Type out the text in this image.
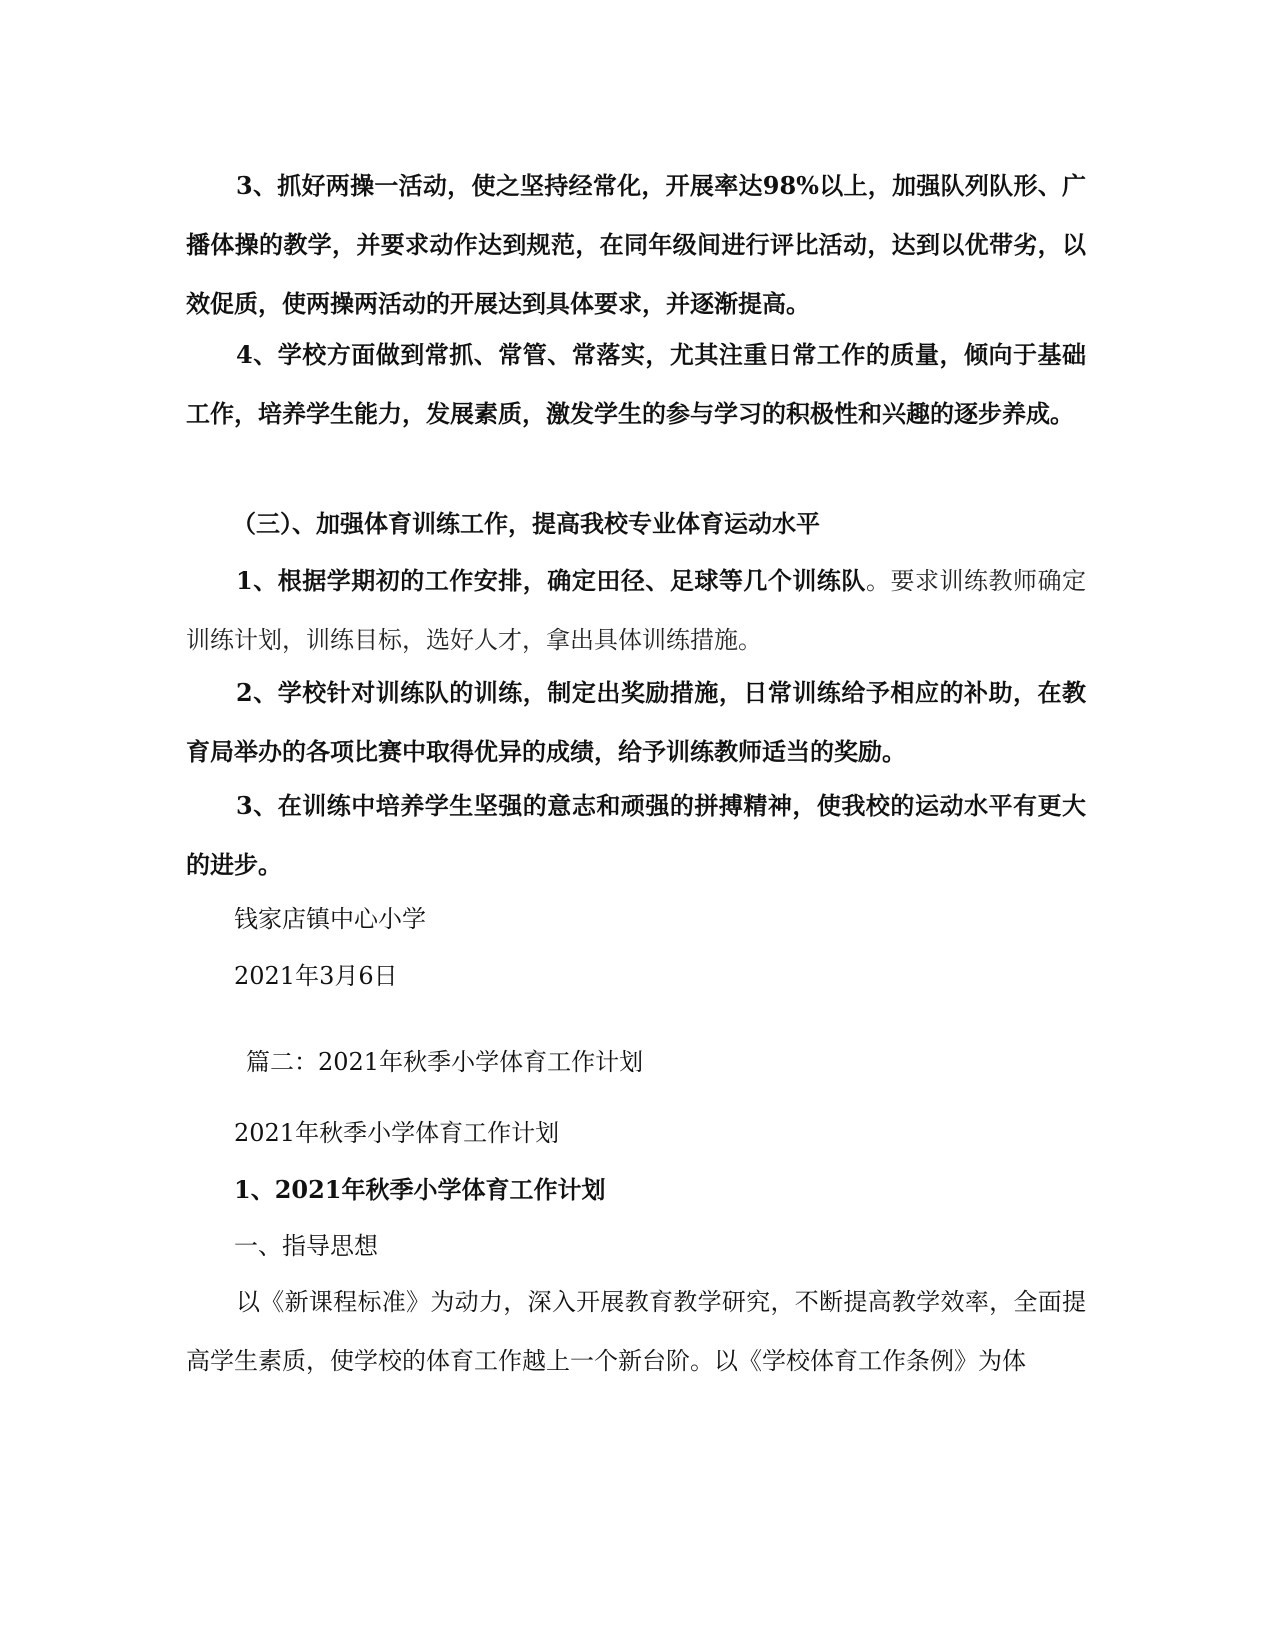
3、抓好两操一活动，使之坚持经常化，开展率达98%以上，加强队列队形、广播体操的教学，并要求动作达到规范，在同年级间进行评比活动，达到以优带劣，以效促质，使两操两活动的开展达到具体要求，并逐渐提高。

4、学校方面做到常抓、常管、常落实，尤其注重日常工作的质量，倾向于基础工作，培养学生能力，发展素质，激发学生的参与学习的积极性和兴趣的逐步养成。

（三）、加强体育训练工作，提高我校专业体育运动水平

1、根据学期初的工作安排，确定田径、足球等几个训练队。要求训练教师确定训练计划，训练目标，选好人才，拿出具体训练措施。

2、学校针对训练队的训练，制定出奖励措施，日常训练给予相应的补助，在教育局举办的各项比赛中取得优异的成绩，给予训练教师适当的奖励。

3、在训练中培养学生坚强的意志和顽强的拼搏精神，使我校的运动水平有更大的进步。

钱家店镇中心小学
2021年3月6日
篇二：2021年秋季小学体育工作计划
2021年秋季小学体育工作计划
1、2021年秋季小学体育工作计划
一、指导思想

以《新课程标准》为动力，深入开展教育教学研究，不断提高教学效率，全面提高学生素质，使学校的体育工作越上一个新台阶。以《学校体育工作条例》为体
